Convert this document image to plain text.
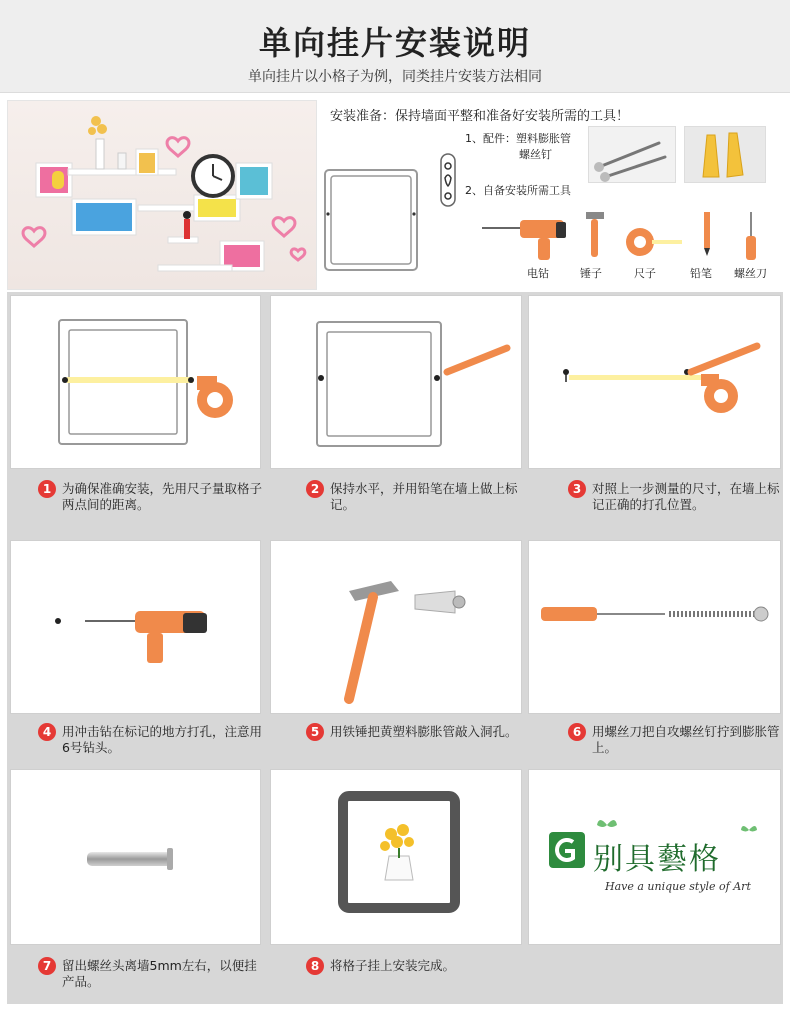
单向挂片安装说明
单向挂片以小格子为例，同类挂片安装方法相同
安装准备：保持墙面平整和准备好安装所需的工具！
1、配件：塑料膨胀管
螺丝钉
2、自备安装所需工具
电钻	锤子	尺子	铅笔 螺丝刀
1 为确保准确安装，先用尺子量取格子两点间的距离。
2 保持水平，并用铅笔在墙上做上标记。
3 对照上一步测量的尺寸，在墙上标记正确的打孔位置。
4 用冲击钻在标记的地方打孔，注意用6号钻头。
5 用铁锤把黄塑料膨胀管敲入洞孔。	6 用螺丝刀把自攻螺丝钉拧到膨胀管上。
别具藝格
Have a unique style of Art
7 留出螺丝头离墙5mm左右，以便挂产品。
8 将格子挂上安装完成。
